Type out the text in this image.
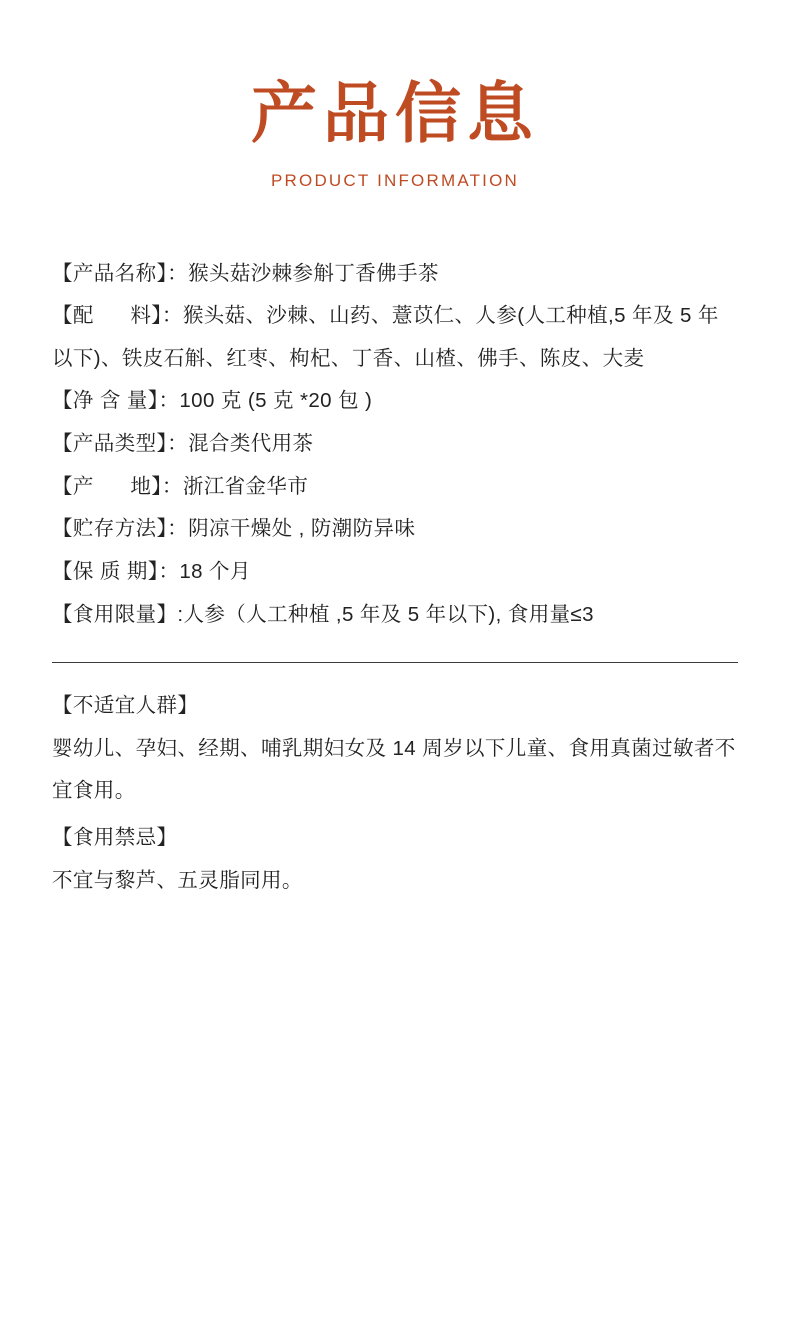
产品信息
PRODUCT INFORMATION
【产品名称】：猴头菇沙棘参斛丁香佛手茶
【配      料】：猴头菇、沙棘、山药、薏苡仁、人参(人工种植,5 年及 5 年以下)、铁皮石斛、红枣、枸杞、丁香、山楂、佛手、陈皮、大麦
【净 含 量】：100 克 (5 克 *20 包 )
【产品类型】：混合类代用茶
【产      地】：浙江省金华市
【贮存方法】：阴凉干燥处 , 防潮防异味
【保 质 期】：18 个月
【食用限量】:人参（人工种植 ,5 年及 5 年以下), 食用量≤3
【不适宜人群】
婴幼儿、孕妇、经期、哺乳期妇女及 14 周岁以下儿童、食用真菌过敏者不宜食用。
【食用禁忌】
不宜与黎芦、五灵脂同用。
